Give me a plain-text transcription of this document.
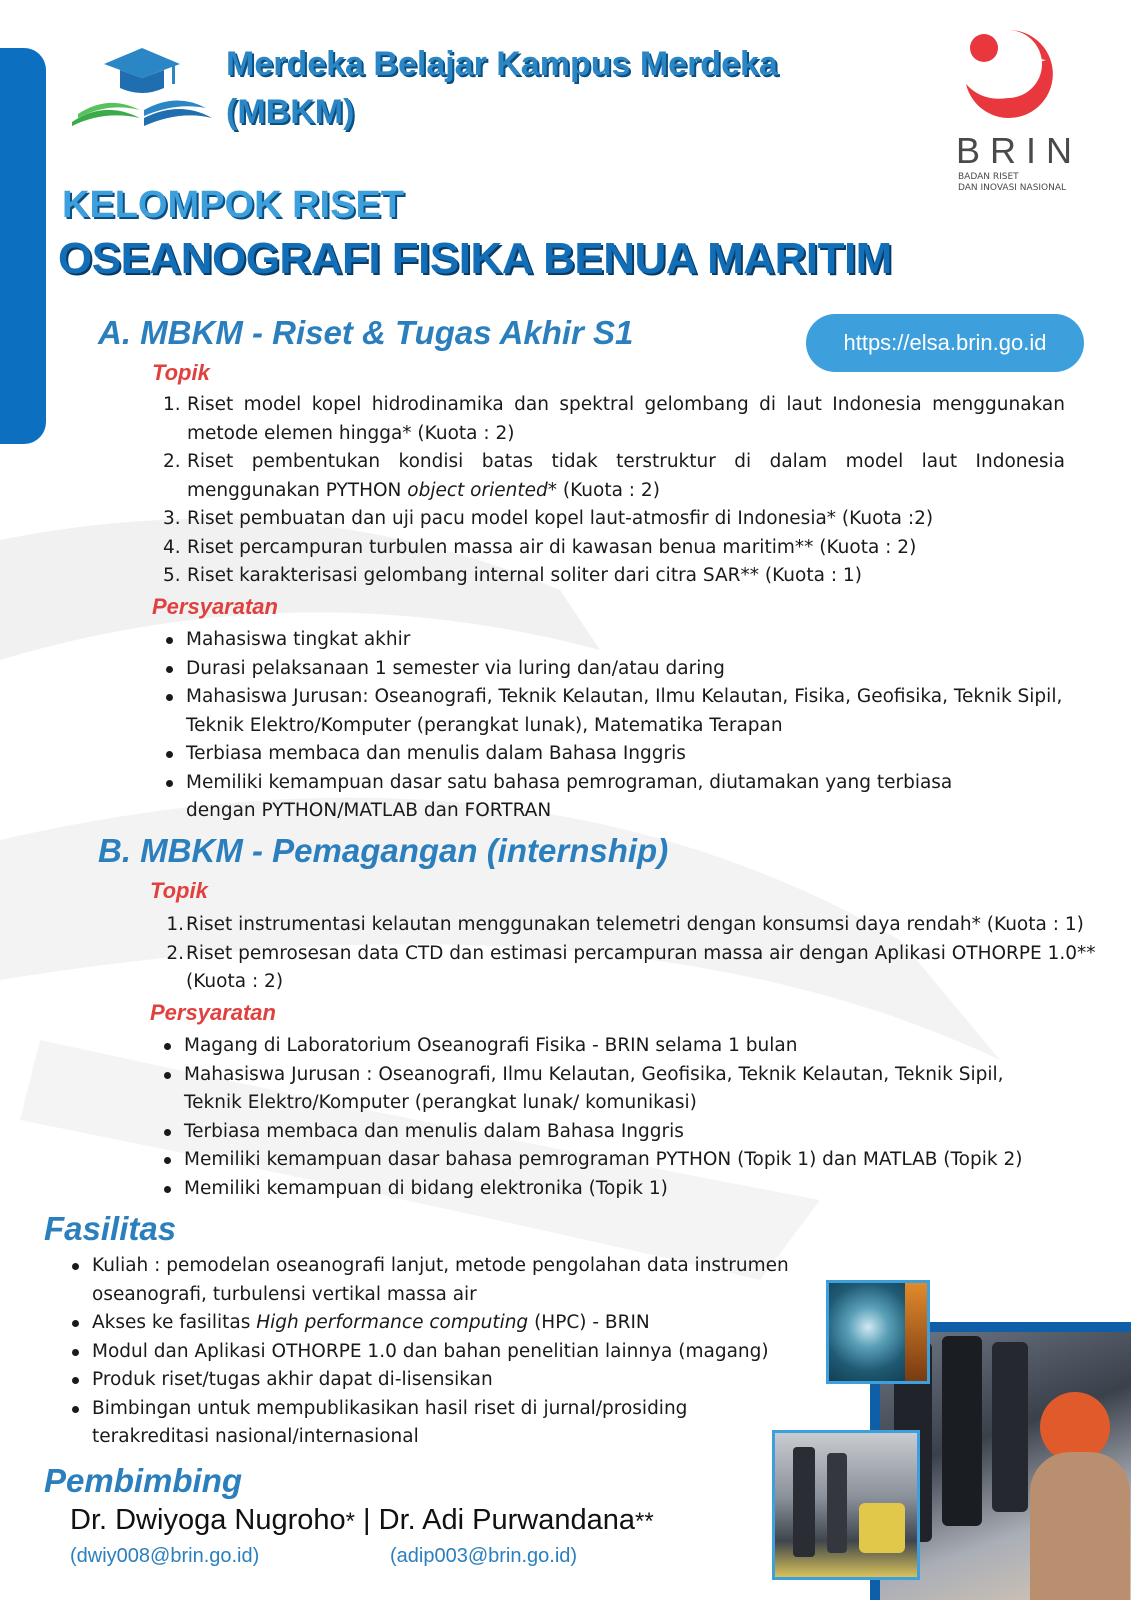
Merdeka Belajar Kampus Merdeka
(MBKM)
BRIN
BADAN RISET
DAN INOVASI NASIONAL
KELOMPOK RISET
OSEANOGRAFI FISIKA BENUA MARITIM
A. MBKM - Riset & Tugas Akhir S1	https://elsa.brin.go.id
Topik
1. Riset model kopel hidrodinamika dan spektral gelombang di laut Indonesia menggunakan metode elemen hingga* (Kuota : 2)
2. Riset pembentukan kondisi batas tidak terstruktur di dalam model laut Indonesia menggunakan PYTHON object oriented* (Kuota : 2)
3. Riset pembuatan dan uji pacu model kopel laut-atmosfir di Indonesia* (Kuota :2)
4. Riset percampuran turbulen massa air di kawasan benua maritim** (Kuota : 2)
5. Riset karakterisasi gelombang internal soliter dari citra SAR** (Kuota : 1)
Persyaratan
Mahasiswa tingkat akhir
Durasi pelaksanaan 1 semester via luring dan/atau daring
Mahasiswa Jurusan: Oseanografi, Teknik Kelautan, Ilmu Kelautan, Fisika, Geofisika, Teknik Sipil, Teknik Elektro/Komputer (perangkat lunak), Matematika Terapan
Terbiasa membaca dan menulis dalam Bahasa Inggris
Memiliki kemampuan dasar satu bahasa pemrograman, diutamakan yang terbiasa dengan PYTHON/MATLAB dan FORTRAN
B. MBKM - Pemagangan (internship)
Topik
1. Riset instrumentasi kelautan menggunakan telemetri dengan konsumsi daya rendah* (Kuota : 1)
2. Riset pemrosesan data CTD dan estimasi percampuran massa air dengan Aplikasi OTHORPE 1.0** (Kuota : 2)
Persyaratan
Magang di Laboratorium Oseanografi Fisika - BRIN selama 1 bulan
Mahasiswa Jurusan : Oseanografi, Ilmu Kelautan, Geofisika, Teknik Kelautan, Teknik Sipil, Teknik Elektro/Komputer (perangkat lunak/ komunikasi)
Terbiasa membaca dan menulis dalam Bahasa Inggris
Memiliki kemampuan dasar bahasa pemrograman PYTHON (Topik 1) dan MATLAB (Topik 2)
Memiliki kemampuan di bidang elektronika (Topik 1)
Fasilitas
Kuliah : pemodelan oseanografi lanjut, metode pengolahan data instrumen oseanografi, turbulensi vertikal massa air
Akses ke fasilitas High performance computing (HPC) - BRIN
Modul dan Aplikasi OTHORPE 1.0 dan bahan penelitian lainnya (magang)
Produk riset/tugas akhir dapat di-lisensikan
Bimbingan untuk mempublikasikan hasil riset di jurnal/prosiding terakreditasi nasional/internasional
Pembimbing
Dr. Dwiyoga Nugroho* | Dr. Adi Purwandana**
(dwiy008@brin.go.id)	(adip003@brin.go.id)
